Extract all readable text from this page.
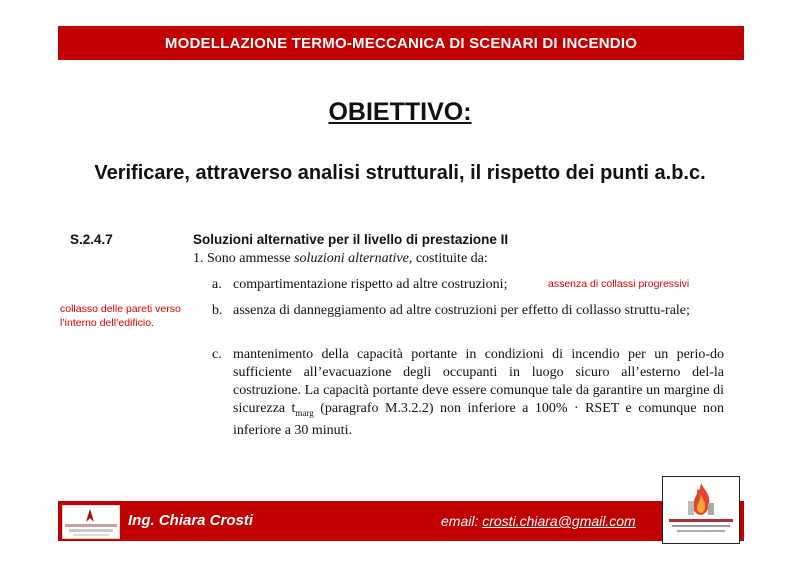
MODELLAZIONE TERMO-MECCANICA DI SCENARI DI INCENDIO
OBIETTIVO:
Verificare, attraverso analisi strutturali, il rispetto dei punti a.b.c.
S.2.4.7	Soluzioni alternative per il livello di prestazione II
1. Sono ammesse soluzioni alternative, costituite da:
a. compartimentazione rispetto ad altre costruzioni;
b. assenza di danneggiamento ad altre costruzioni per effetto di collasso struttu-rale;
c. mantenimento della capacità portante in condizioni di incendio per un perio-do sufficiente all’evacuazione degli occupanti in luogo sicuro all’esterno del-la costruzione. La capacità portante deve essere comunque tale da garantire un margine di sicurezza $t_{marg}$ (paragrafo M.3.2.2) non inferiore a 100% · RSET e comunque non inferiore a 30 minuti.
assenza di collassi progressivi
collasso delle pareti verso l’interno dell’edificio.
Ing. Chiara Crosti	email: crosti.chiara@gmail.com
